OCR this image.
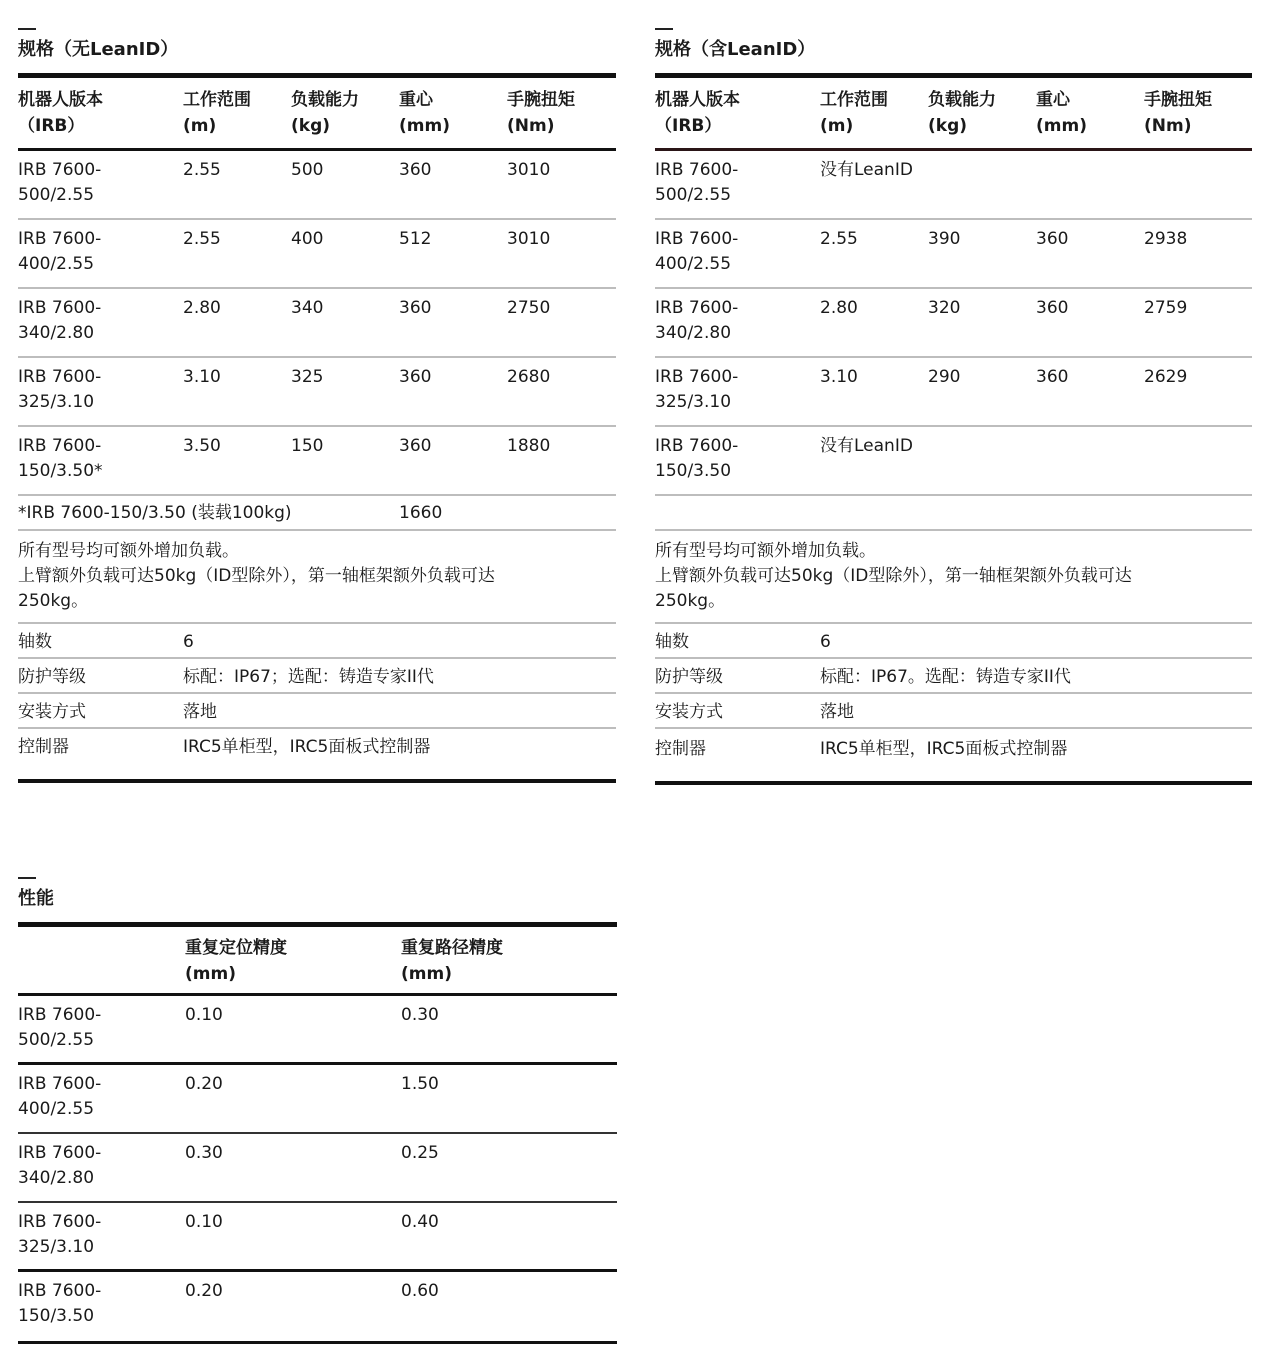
规格（无LeanID）
机器人版本
（IRB）
工作范围
(m)
负载能力
(kg)
重心
(mm)
手腕扭矩
(Nm)
IRB 7600-
500/2.55
2.55	500	360	3010
IRB 7600-
400/2.55
2.55	400	512	3010
IRB 7600-
340/2.80
2.80	340	360	2750
IRB 7600-
325/3.10
3.10	325	360	2680
IRB 7600-
150/3.50*
3.50	150	360	1880
*IRB 7600-150/3.50 (装载100kg)	1660
所有型号均可额外增加负载。
上臂额外负载可达50kg（ID型除外），第一轴框架额外负载可达
250kg。
轴数	6
防护等级	标配：IP67；选配：铸造专家II代
安装方式	落地
控制器	IRC5单柜型，IRC5面板式控制器
规格（含LeanID）
机器人版本
（IRB）
工作范围
(m)
负载能力
(kg)
重心
(mm)
手腕扭矩
(Nm)
IRB 7600-
500/2.55
没有LeanID
IRB 7600-
400/2.55
2.55	390	360	2938
IRB 7600-
340/2.80
2.80	320	360	2759
IRB 7600-
325/3.10
3.10	290	360	2629
IRB 7600-
150/3.50
没有LeanID
所有型号均可额外增加负载。
上臂额外负载可达50kg（ID型除外），第一轴框架额外负载可达
250kg。
轴数	6
防护等级	标配：IP67。选配：铸造专家II代
安装方式	落地
控制器	IRC5单柜型，IRC5面板式控制器
性能
重复定位精度
(mm)
重复路径精度
(mm)
IRB 7600-
500/2.55
0.10	0.30
IRB 7600-
400/2.55
0.20	1.50
IRB 7600-
340/2.80
0.30	0.25
IRB 7600-
325/3.10
0.10	0.40
IRB 7600-
150/3.50
0.20	0.60
